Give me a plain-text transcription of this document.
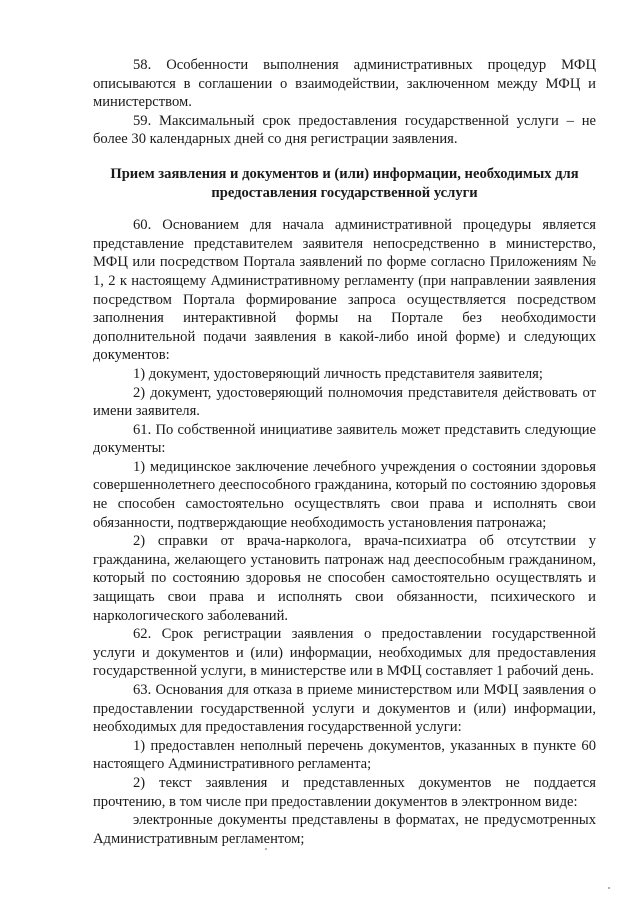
58. Особенности выполнения административных процедур МФЦ описываются в соглашении о взаимодействии, заключенном между МФЦ и министерством.

59. Максимальный срок предоставления государственной услуги – не более 30 календарных дней со дня регистрации заявления.

Прием заявления и документов и (или) информации, необходимых для предоставления государственной услуги

60. Основанием для начала административной процедуры является представление представителем заявителя непосредственно в министерство, МФЦ или посредством Портала заявлений по форме согласно Приложениям № 1, 2 к настоящему Административному регламенту (при направлении заявления посредством Портала формирование запроса осуществляется посредством заполнения интерактивной формы на Портале без необходимости дополнительной подачи заявления в какой-либо иной форме) и следующих документов:

1) документ, удостоверяющий личность представителя заявителя;

2) документ, удостоверяющий полномочия представителя действовать от имени заявителя.

61. По собственной инициативе заявитель может представить следующие документы:

1) медицинское заключение лечебного учреждения о состоянии здоровья совершеннолетнего дееспособного гражданина, который по состоянию здоровья не способен самостоятельно осуществлять свои права и исполнять свои обязанности, подтверждающие необходимость установления патронажа;

2) справки от врача-нарколога, врача-психиатра об отсутствии у гражданина, желающего установить патронаж над дееспособным гражданином, который по состоянию здоровья не способен самостоятельно осуществлять и защищать свои права и исполнять свои обязанности, психического и наркологического заболеваний.

62. Срок регистрации заявления о предоставлении государственной услуги и документов и (или) информации, необходимых для предоставления государственной услуги, в министерстве или в МФЦ составляет 1 рабочий день.

63. Основания для отказа в приеме министерством или МФЦ заявления о предоставлении государственной услуги и документов и (или) информации, необходимых для предоставления государственной услуги:

1) предоставлен неполный перечень документов, указанных в пункте 60 настоящего Административного регламента;

2) текст заявления и представленных документов не поддается прочтению, в том числе при предоставлении документов в электронном виде:

электронные документы представлены в форматах, не предусмотренных Административным регламентом;
